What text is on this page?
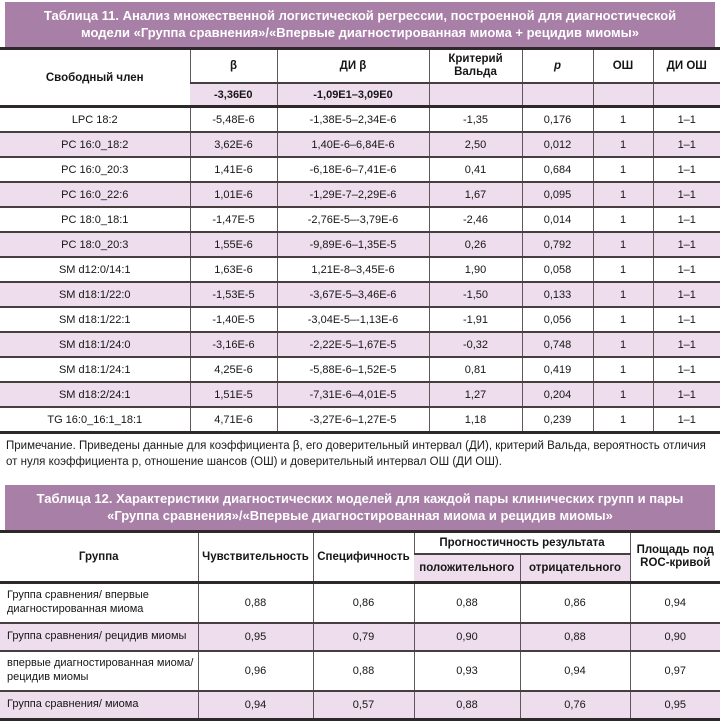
Таблица 11. Анализ множественной логистической регрессии, построенной для диагностической модели «Группа сравнения»/«Впервые диагностированная миома + рецидив миомы»
Свободный член	β	ДИ β	Критерий Вальда	p	ОШ	ДИ ОШ
	-3,36E0	-1,09E1–3,09E0				
LPC 18:2	-5,48E-6	-1,38E-5–2,34E-6	-1,35	0,176	1	1–1
PC 16:0_18:2	3,62E-6	1,40E-6–6,84E-6	2,50	0,012	1	1–1
PC 16:0_20:3	1,41E-6	-6,18E-6–7,41E-6	0,41	0,684	1	1–1
PC 16:0_22:6	1,01E-6	-1,29E-7–2,29E-6	1,67	0,095	1	1–1
PC 18:0_18:1	-1,47E-5	-2,76E-5–-3,79E-6	-2,46	0,014	1	1–1
PC 18:0_20:3	1,55E-6	-9,89E-6–1,35E-5	0,26	0,792	1	1–1
SM d12:0/14:1	1,63E-6	1,21E-8–3,45E-6	1,90	0,058	1	1–1
SM d18:1/22:0	-1,53E-5	-3,67E-5–3,46E-6	-1,50	0,133	1	1–1
SM d18:1/22:1	-1,40E-5	-3,04E-5–-1,13E-6	-1,91	0,056	1	1–1
SM d18:1/24:0	-3,16E-6	-2,22E-5–1,67E-5	-0,32	0,748	1	1–1
SM d18:1/24:1	4,25E-6	-5,88E-6–1,52E-5	0,81	0,419	1	1–1
SM d18:2/24:1	1,51E-5	-7,31E-6–4,01E-5	1,27	0,204	1	1–1
TG 16:0_16:1_18:1	4,71E-6	-3,27E-6–1,27E-5	1,18	0,239	1	1–1

Примечание. Приведены данные для коэффициента β, его доверительный интервал (ДИ), критерий Вальда, вероятность отличия от нуля коэффициента p, отношение шансов (ОШ) и доверительный интервал ОШ (ДИ ОШ).

Таблица 12. Характеристики диагностических моделей для каждой пары клинических групп и пары «Группа сравнения»/«Впервые диагностированная миома и рецидив миомы»
Группа	Чувствительность	Специфичность	Прогностичность результата		Площадь под ROC-кривой
			положительного	отрицательного	
Группа сравнения/ впервые диагностированная миома	0,88	0,86	0,88	0,86	0,94
Группа сравнения/ рецидив миомы	0,95	0,79	0,90	0,88	0,90
впервые диагностированная миома/ рецидив миомы	0,96	0,88	0,93	0,94	0,97
Группа сравнения/ миома	0,94	0,57	0,88	0,76	0,95
